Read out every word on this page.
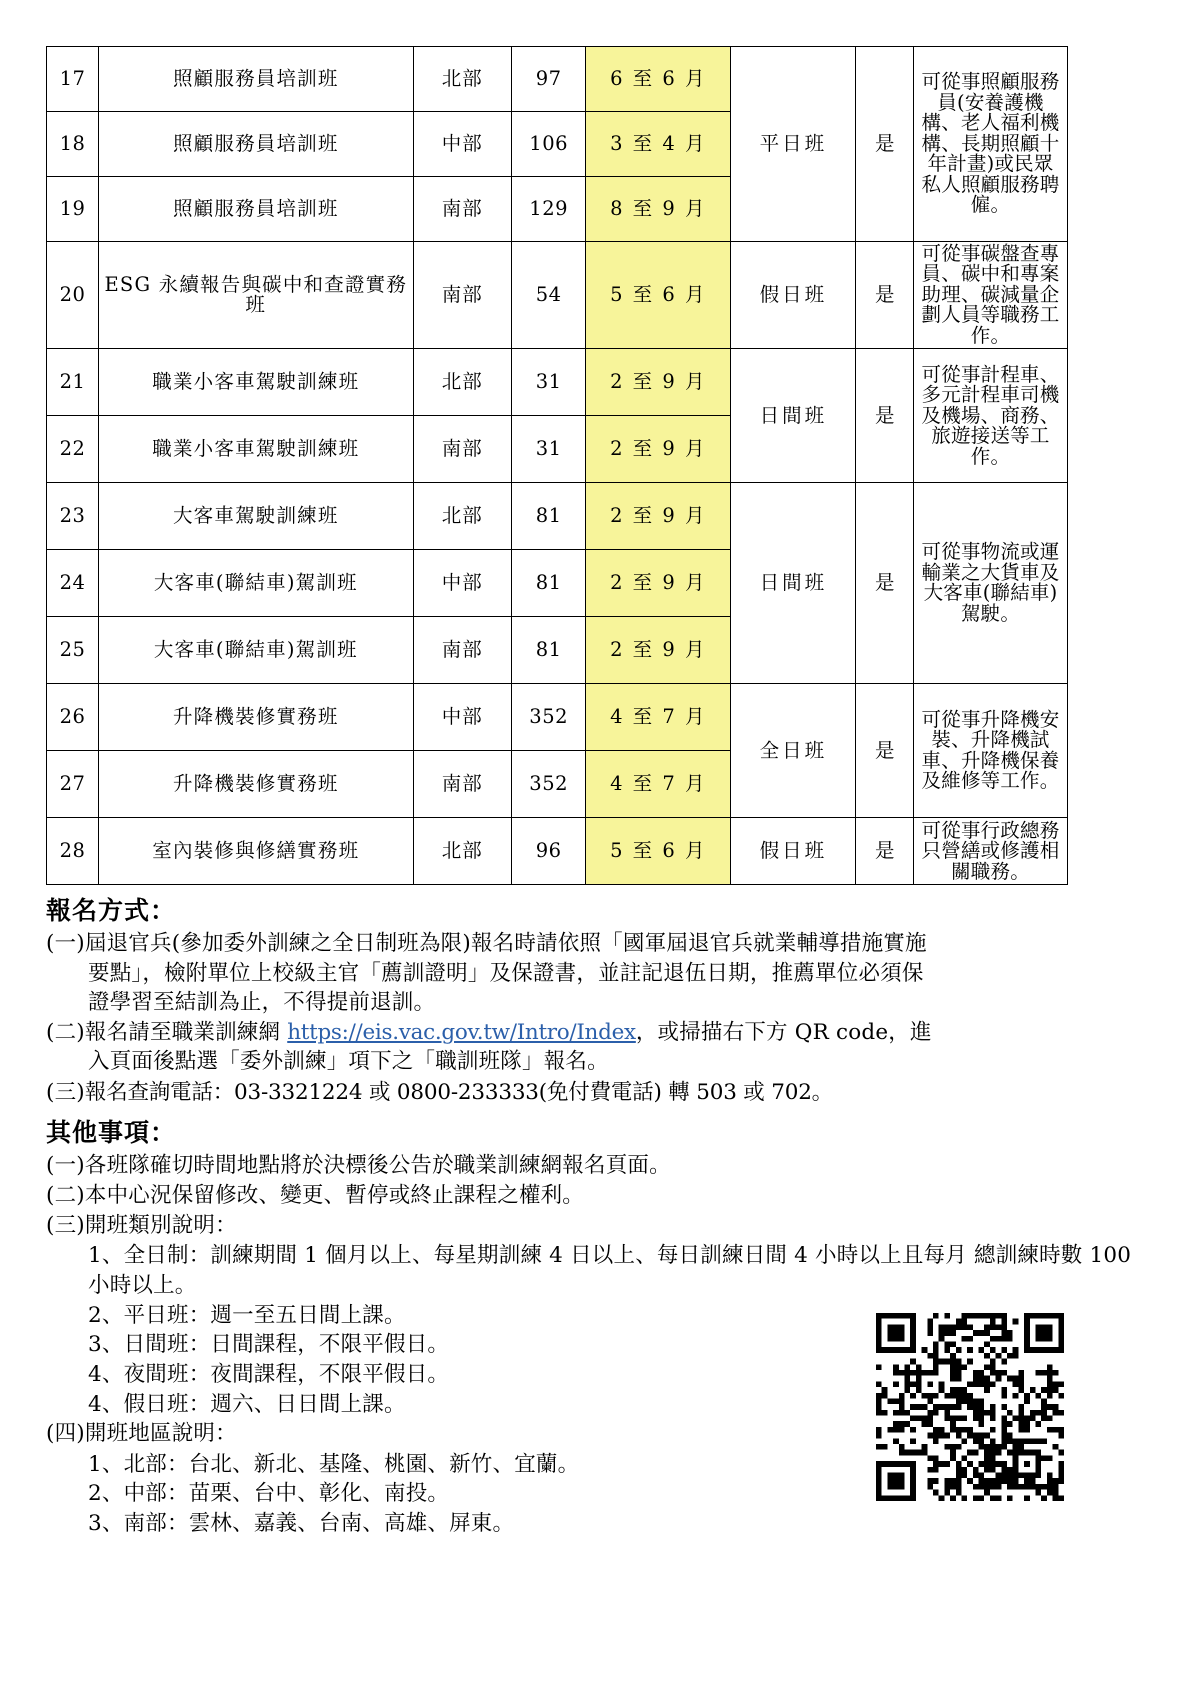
17	照顧服務員培訓班	北部	97	6 至 6 月	平日班	是	可從事照顧服務員(安養護機構、老人福利機構、長期照顧十年計畫)或民眾私人照顧服務聘僱。
18	照顧服務員培訓班	中部	106	3 至 4 月			
19	照顧服務員培訓班	南部	129	8 至 9 月			
20	ESG 永續報告與碳中和查證實務班	南部	54	5 至 6 月	假日班	是	可從事碳盤查專員、碳中和專案助理、碳減量企劃人員等職務工作。
21	職業小客車駕駛訓練班	北部	31	2 至 9 月	日間班	是	可從事計程車、多元計程車司機及機場、商務、旅遊接送等工作。
22	職業小客車駕駛訓練班	南部	31	2 至 9 月			
23	大客車駕駛訓練班	北部	81	2 至 9 月	日間班	是	可從事物流或運輸業之大貨車及大客車(聯結車)駕駛。
24	大客車(聯結車)駕訓班	中部	81	2 至 9 月			
25	大客車(聯結車)駕訓班	南部	81	2 至 9 月			
26	升降機裝修實務班	中部	352	4 至 7 月	全日班	是	可從事升降機安裝、升降機試車、升降機保養及維修等工作。
27	升降機裝修實務班	南部	352	4 至 7 月			
28	室內裝修與修繕實務班	北部	96	5 至 6 月	假日班	是	可從事行政總務只營繕或修護相關職務。
報名方式：
(一)屆退官兵(參加委外訓練之全日制班為限)報名時請依照「國軍屆退官兵就業輔導措施實施
要點」，檢附單位上校級主官「薦訓證明」及保證書，並註記退伍日期，推薦單位必須保
證學習至結訓為止，不得提前退訓。
(二)報名請至職業訓練網 https://eis.vac.gov.tw/Intro/Index，或掃描右下方 QR code，進
入頁面後點選「委外訓練」項下之「職訓班隊」報名。
(三)報名查詢電話：03-3321224 或 0800-233333(免付費電話) 轉 503 或 702。
其他事項：
(一)各班隊確切時間地點將於決標後公告於職業訓練網報名頁面。
(二)本中心況保留修改、變更、暫停或終止課程之權利。
(三)開班類別說明：
1、全日制：訓練期間 1 個月以上、每星期訓練 4 日以上、每日訓練日間 4 小時以上且每月 總訓練時數 100 小時以上。
2、平日班：週一至五日間上課。
3、日間班：日間課程，不限平假日。
4、夜間班：夜間課程，不限平假日。
4、假日班：週六、日日間上課。
(四)開班地區說明：
1、北部：台北、新北、基隆、桃園、新竹、宜蘭。
2、中部：苗栗、台中、彰化、南投。
3、南部：雲林、嘉義、台南、高雄、屏東。
